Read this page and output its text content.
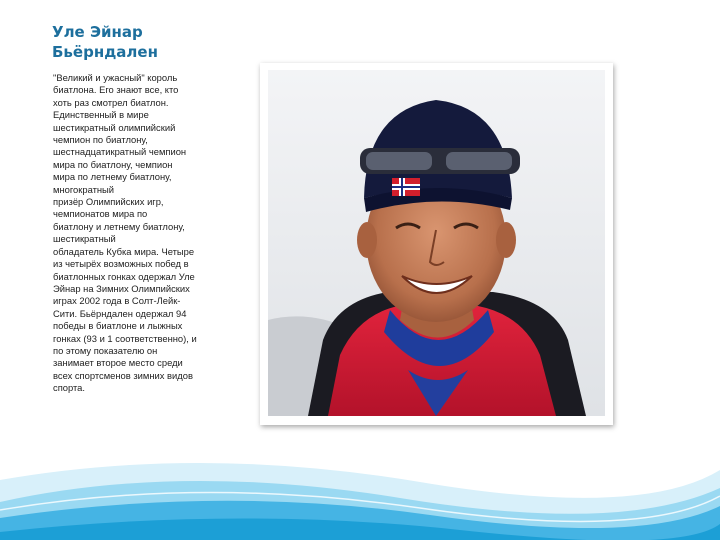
Уле Эйнар
Бьёрндален
"Великий и ужасный" король
биатлона. Его знают все, кто
хоть раз смотрел биатлон.
Единственный в мире
шестикратный олимпийский
чемпион по биатлону,
шестнадцатикратный чемпион
мира по биатлону, чемпион
мира по летнему биатлону,
многократный
призёр Олимпийских игр,
чемпионатов мира по
биатлону и летнему биатлону,
шестикратный
обладатель Кубка мира. Четыре
из четырёх возможных побед в
биатлонных гонках одержал Уле
Эйнар на Зимних Олимпийских
играх 2002 года в Солт-Лейк-
Сити. Бьёрндален одержал 94
победы в биатлоне и лыжных
гонках (93 и 1 соответственно), и
по этому показателю он
занимает второе место среди
всех спортсменов зимних видов
спорта.
